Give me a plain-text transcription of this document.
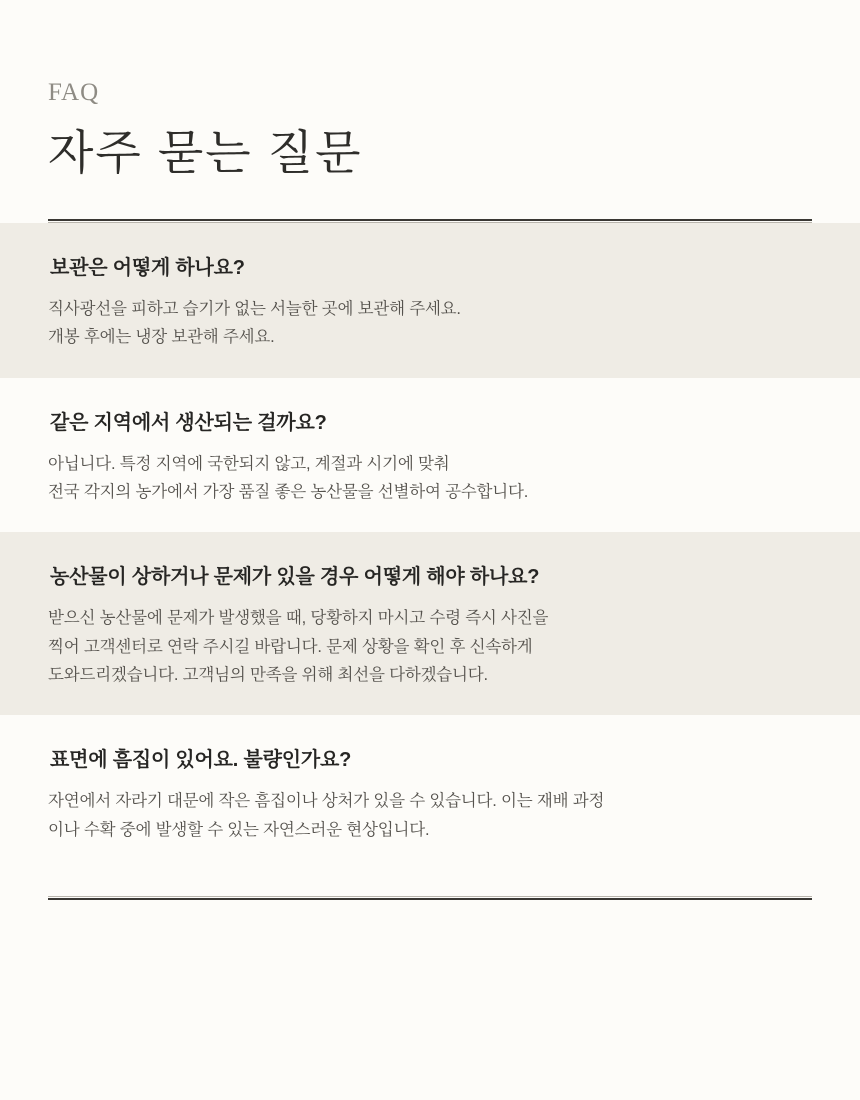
FAQ
자주 묻는 질문
보관은 어떻게 하나요?
직사광선을 피하고 습기가 없는 서늘한 곳에 보관해 주세요.
개봉 후에는 냉장 보관해 주세요.
같은 지역에서 생산되는 걸까요?
아닙니다. 특정 지역에 국한되지 않고, 계절과 시기에 맞춰
전국 각지의 농가에서 가장 품질 좋은 농산물을 선별하여 공수합니다.
농산물이 상하거나 문제가 있을 경우 어떻게 해야 하나요?
받으신 농산물에 문제가 발생했을 때, 당황하지 마시고 수령 즉시 사진을
찍어 고객센터로 연락 주시길 바랍니다. 문제 상황을 확인 후 신속하게
도와드리겠습니다. 고객님의 만족을 위해 최선을 다하겠습니다.
표면에 흠집이 있어요. 불량인가요?
자연에서 자라기 대문에 작은 흠집이나 상처가 있을 수 있습니다. 이는 재배 과정
이나 수확 중에 발생할 수 있는 자연스러운 현상입니다.
